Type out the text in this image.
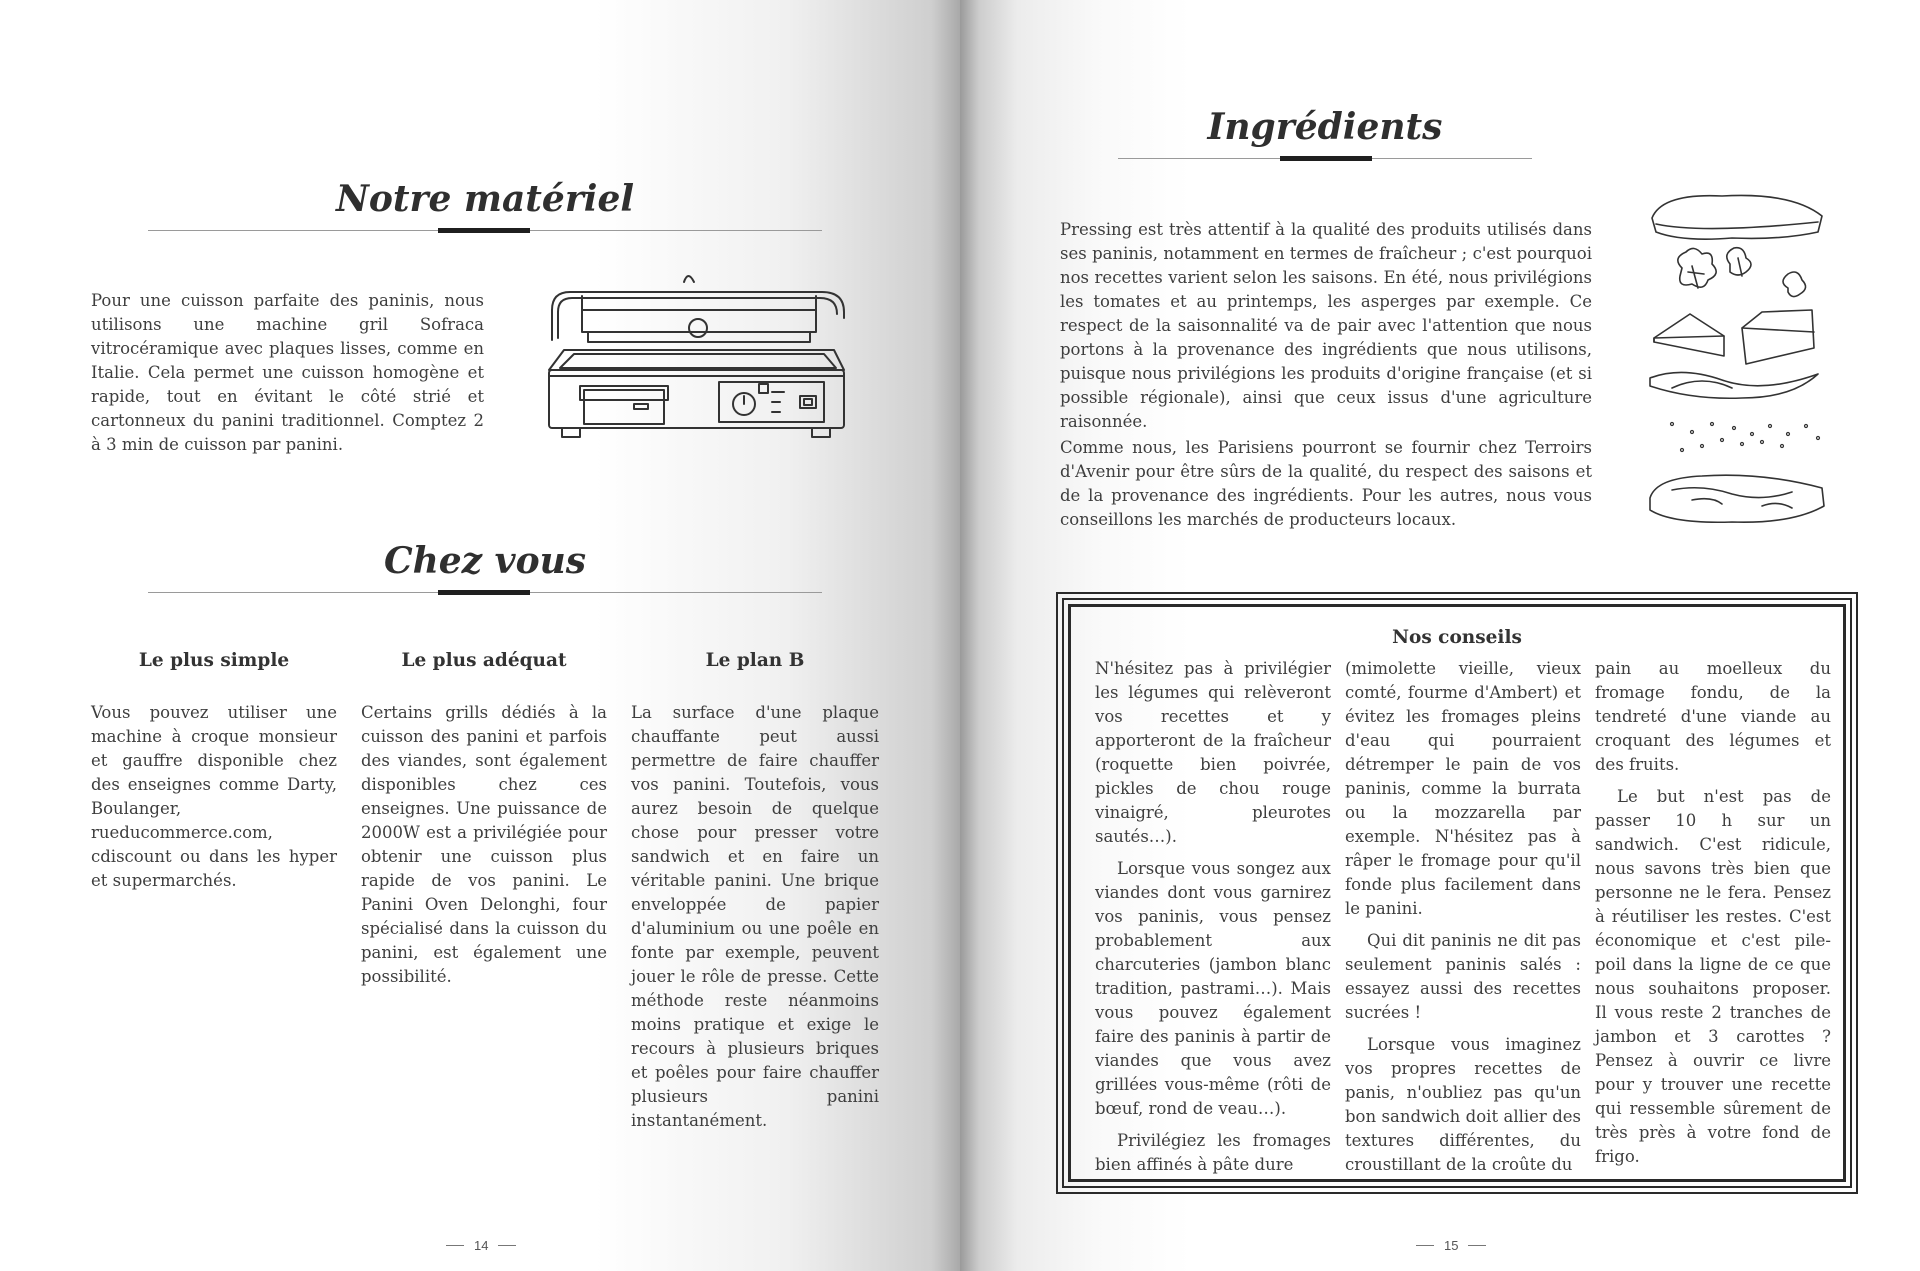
Notre matériel

Pour une cuisson parfaite des paninis, nous utilisons une machine gril Sofraca vitrocéramique avec plaques lisses, comme en Italie. Cela permet une cuisson homogène et rapide, tout en évitant le côté strié et cartonneux du panini traditionnel. Comptez 2 à 3 min de cuisson par panini.

Chez vous
Le plus simple

Vous pouvez utiliser une machine à croque monsieur et gauffre disponible chez des enseignes comme Darty, Boulanger, rueducommerce.com, cdiscount ou dans les hyper et supermarchés.

Le plus adéquat

Certains grills dédiés à la cuisson des panini et parfois des viandes, sont également disponibles chez ces enseignes. Une puissance de 2000W est a privilégiée pour obtenir une cuisson plus rapide de vos panini. Le Panini Oven Delonghi, four spécialisé dans la cuisson du panini, est également une possibilité.

Le plan B

La surface d'une plaque chauffante peut aussi permettre de faire chauffer vos panini. Toutefois, vous aurez besoin de quelque chose pour presser votre sandwich et en faire un véritable panini. Une brique enveloppée de papier d'aluminium ou une poêle en fonte par exemple, peuvent jouer le rôle de presse. Cette méthode reste néanmoins moins pratique et exige le recours à plusieurs briques et poêles pour faire chauffer plusieurs panini instantanément.

14
Ingrédients

Pressing est très attentif à la qualité des produits utilisés dans ses paninis, notamment en termes de fraîcheur ; c'est pourquoi nos recettes varient selon les saisons. En été, nous privilégions les tomates et au printemps, les asperges par exemple. Ce respect de la saisonnalité va de pair avec l'attention que nous portons à la provenance des ingrédients que nous utilisons, puisque nous privilégions les produits d'origine française (et si possible régionale), ainsi que ceux issus d'une agriculture raisonnée.

Comme nous, les Parisiens pourront se fournir chez Terroirs d'Avenir pour être sûrs de la qualité, du respect des saisons et de la provenance des ingrédients. Pour les autres, nous vous conseillons les marchés de producteurs locaux.

Nos conseils

N'hésitez pas à privilégier les légumes qui relèveront vos recettes et y apporteront de la fraîcheur (roquette bien poivrée, pickles de chou rouge vinaigré, pleurotes sautés…).

Lorsque vous songez aux viandes dont vous garnirez vos paninis, vous pensez probablement aux charcuteries (jambon blanc tradition, pastrami…). Mais vous pouvez également faire des paninis à partir de viandes que vous avez grillées vous-même (rôti de bœuf, rond de veau…).

Privilégiez les fromages bien affinés à pâte dure

(mimolette vieille, vieux comté, fourme d'Ambert) et évitez les fromages pleins d'eau qui pourraient détremper le pain de vos paninis, comme la burrata ou la mozzarella par exemple. N'hésitez pas à râper le fromage pour qu'il fonde plus facilement dans le panini.

Qui dit paninis ne dit pas seulement paninis salés : essayez aussi des recettes sucrées !

Lorsque vous imaginez vos propres recettes de panis, n'oubliez pas qu'un bon sandwich doit allier des textures différentes, du croustillant de la croûte du

pain au moelleux du fromage fondu, de la tendreté d'une viande au croquant des légumes et des fruits.

Le but n'est pas de passer 10 h sur un sandwich. C'est ridicule, nous savons très bien que personne ne le fera. Pensez à réutiliser les restes. C'est économique et c'est pile-poil dans la ligne de ce que nous souhaitons proposer. Il vous reste 2 tranches de jambon et 3 carottes ? Pensez à ouvrir ce livre pour y trouver une recette qui ressemble sûrement de très près à votre fond de frigo.

15
